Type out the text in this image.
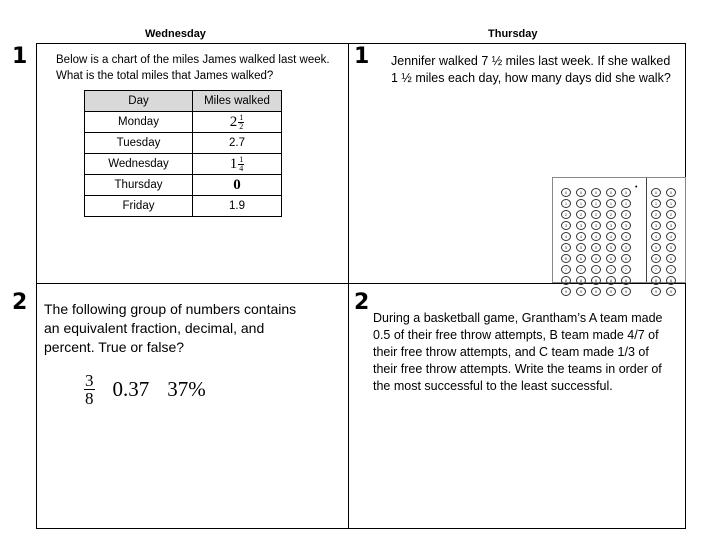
Wednesday	Thursday
1 Below is a chart of the miles James walked last week. What is the total miles that James walked?
Day	Miles walked
Monday	$2 \frac{1}{2}$

Tuesday	2.7
Wednesday	$1 \frac{1}{4}$

Thursday	0
Friday	1.9
2 The following group of numbers contains an equivalent fraction, decimal, and percent. True or false?
$\frac{3}{8} 0.37$ 37%
1 Jennifer walked 7 ½ miles last week. If she walked 1 ½ miles each day, how many days did she walk?
•
0
1
2
3
4
5
6
7
8
9
0
1
2
3
4
5
6
7
8
9
0
1
2
3
4
5
6
7
8
9
0
1
2
3
4
5
6
7
8
9
0
1
2
3
4
5
6
7
8
9
0
1
2
3
4
5
6
7
8
9
0
1
2
3
4
5
6
7
8
9
2
During a basketball game, Grantham’s A team made 0.5 of their free throw attempts, B team made 4/7 of their free throw attempts, and C team made 1/3 of their free throw attempts. Write the teams in order of the most successful to the least successful.
